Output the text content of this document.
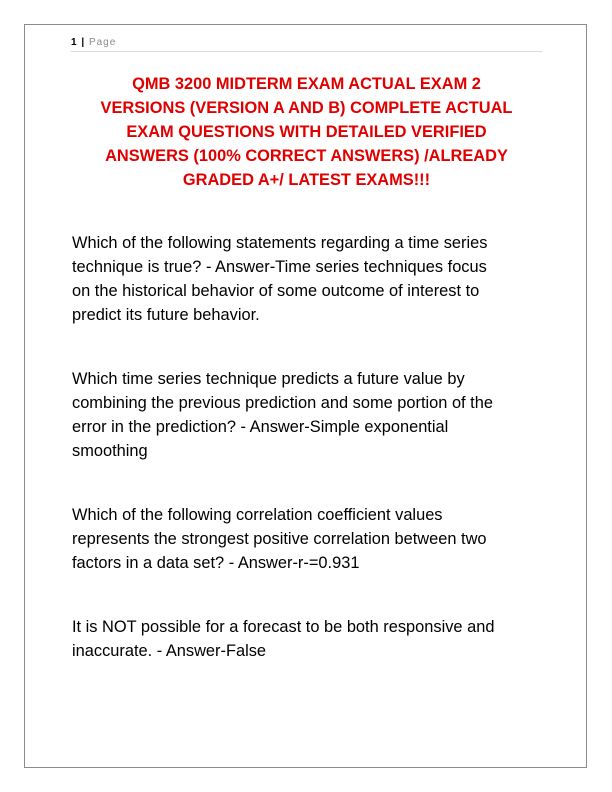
1 | Page
QMB 3200 MIDTERM EXAM ACTUAL EXAM 2
VERSIONS (VERSION A AND B) COMPLETE ACTUAL
EXAM QUESTIONS WITH DETAILED VERIFIED
ANSWERS (100% CORRECT ANSWERS) /ALREADY
GRADED A+/ LATEST EXAMS!!!
Which of the following statements regarding a time series
technique is true? - Answer-Time series techniques focus
on the historical behavior of some outcome of interest to
predict its future behavior.
Which time series technique predicts a future value by
combining the previous prediction and some portion of the
error in the prediction? - Answer-Simple exponential
smoothing
Which of the following correlation coefficient values
represents the strongest positive correlation between two
factors in a data set? - Answer-r-=0.931
It is NOT possible for a forecast to be both responsive and
inaccurate. - Answer-False
